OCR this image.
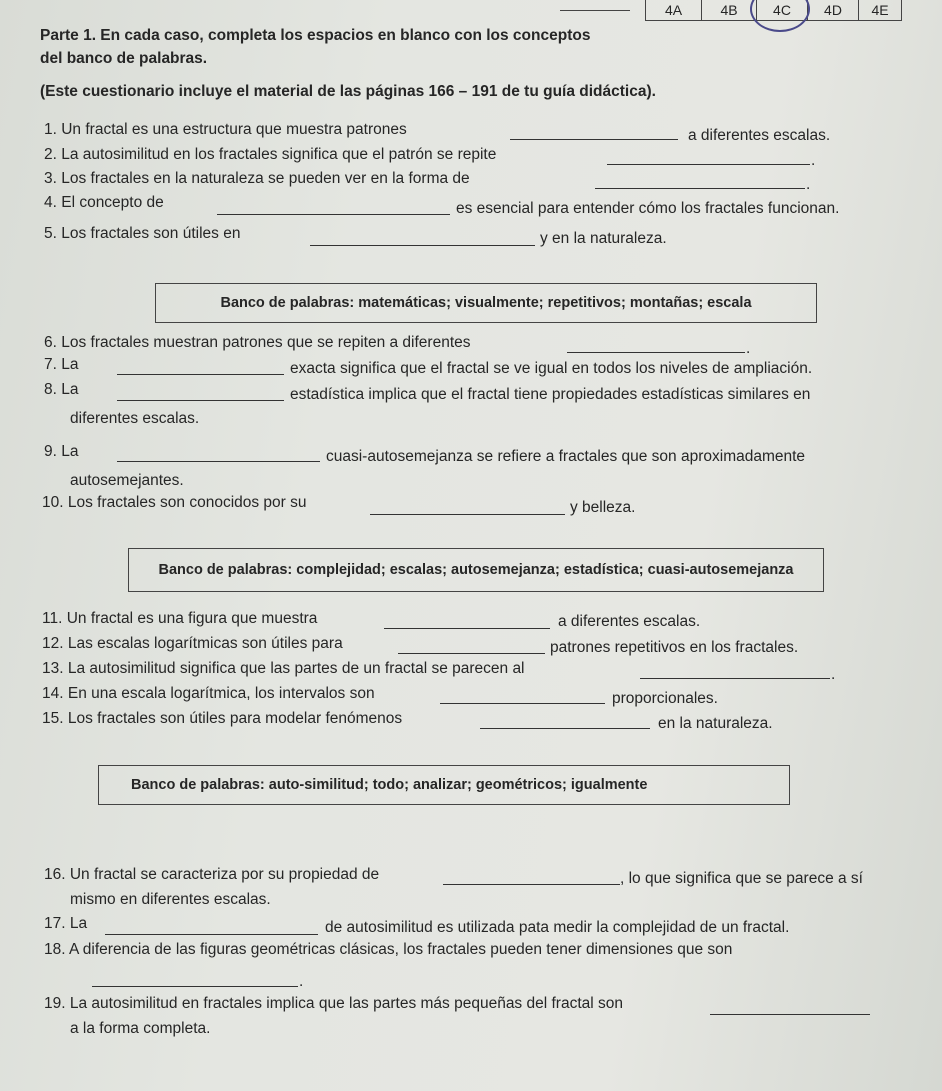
4A	4B	4C	4D	4E
Parte 1. En cada caso, completa los espacios en blanco con los conceptos
del banco de palabras.
(Este cuestionario incluye el material de las páginas 166 – 191 de tu guía didáctica).
1. Un fractal es una estructura que muestra patrones	a diferentes escalas.
2. La autosimilitud en los fractales significa que el patrón se repite	.
3. Los fractales en la naturaleza se pueden ver en la forma de	.
4. El concepto de	es esencial para entender cómo los fractales funcionan.
5. Los fractales son útiles en	y en la naturaleza.
Banco de palabras: matemáticas; visualmente; repetitivos; montañas; escala
6. Los fractales muestran patrones que se repiten a diferentes	.
7. La	exacta significa que el fractal se ve igual en todos los niveles de ampliación.
8. La	estadística implica que el fractal tiene propiedades estadísticas similares en
diferentes escalas.
9. La	cuasi-autosemejanza se refiere a fractales que son aproximadamente
autosemejantes.
10. Los fractales son conocidos por su	y belleza.
Banco de palabras: complejidad; escalas; autosemejanza; estadística; cuasi-autosemejanza
11. Un fractal es una figura que muestra	a diferentes escalas.
12. Las escalas logarítmicas son útiles para	patrones repetitivos en los fractales.
13. La autosimilitud significa que las partes de un fractal se parecen al	.
14. En una escala logarítmica, los intervalos son	proporcionales.
15. Los fractales son útiles para modelar fenómenos	en la naturaleza.
Banco de palabras: auto-similitud; todo; analizar; geométricos; igualmente
16. Un fractal se caracteriza por su propiedad de	, lo que significa que se parece a sí
mismo en diferentes escalas.
17. La	de autosimilitud es utilizada pata medir la complejidad de un fractal.
18. A diferencia de las figuras geométricas clásicas, los fractales pueden tener dimensiones que son
.
19. La autosimilitud en fractales implica que las partes más pequeñas del fractal son
a la forma completa.
